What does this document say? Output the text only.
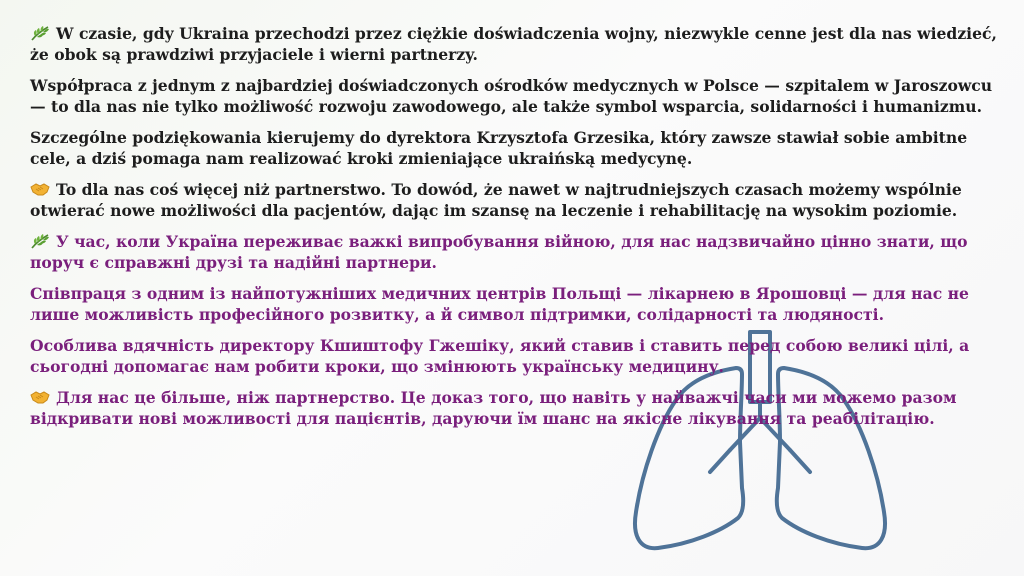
W czasie, gdy Ukraina przechodzi przez ciężkie doświadczenia wojny, niezwykle cenne jest dla nas wiedzieć, że obok są prawdziwi przyjaciele i wierni partnerzy.

Współpraca z jednym z najbardziej doświadczonych ośrodków medycznych w Polsce — szpitalem w Jaroszowcu — to dla nas nie tylko możliwość rozwoju zawodowego, ale także symbol wsparcia, solidarności i humanizmu.

Szczególne podziękowania kierujemy do dyrektora Krzysztofa Grzesika, który zawsze stawiał sobie ambitne cele, a dziś pomaga nam realizować kroki zmieniające ukraińską medycynę.

To dla nas coś więcej niż partnerstwo. To dowód, że nawet w najtrudniejszych czasach możemy wspólnie otwierać nowe możliwości dla pacjentów, dając im szansę na leczenie i rehabilitację na wysokim poziomie.

У час, коли Україна переживає важкі випробування війною, для нас надзвичайно цінно знати, що поруч є справжні друзі та надійні партнери.

Співпраця з одним із найпотужніших медичних центрів Польщі — лікарнею в Ярошовці — для нас не лише можливість професійного розвитку, а й символ підтримки, солідарності та людяності.

Особлива вдячність директору Кшиштофу Гжешіку, який ставив і ставить перед собою великі цілі, а сьогодні допомагає нам робити кроки, що змінюють українську медицину.

Для нас це більше, ніж партнерство. Це доказ того, що навіть у найважчі часи ми можемо разом відкривати нові можливості для пацієнтів, даруючи їм шанс на якісне лікування та реабілітацію.
